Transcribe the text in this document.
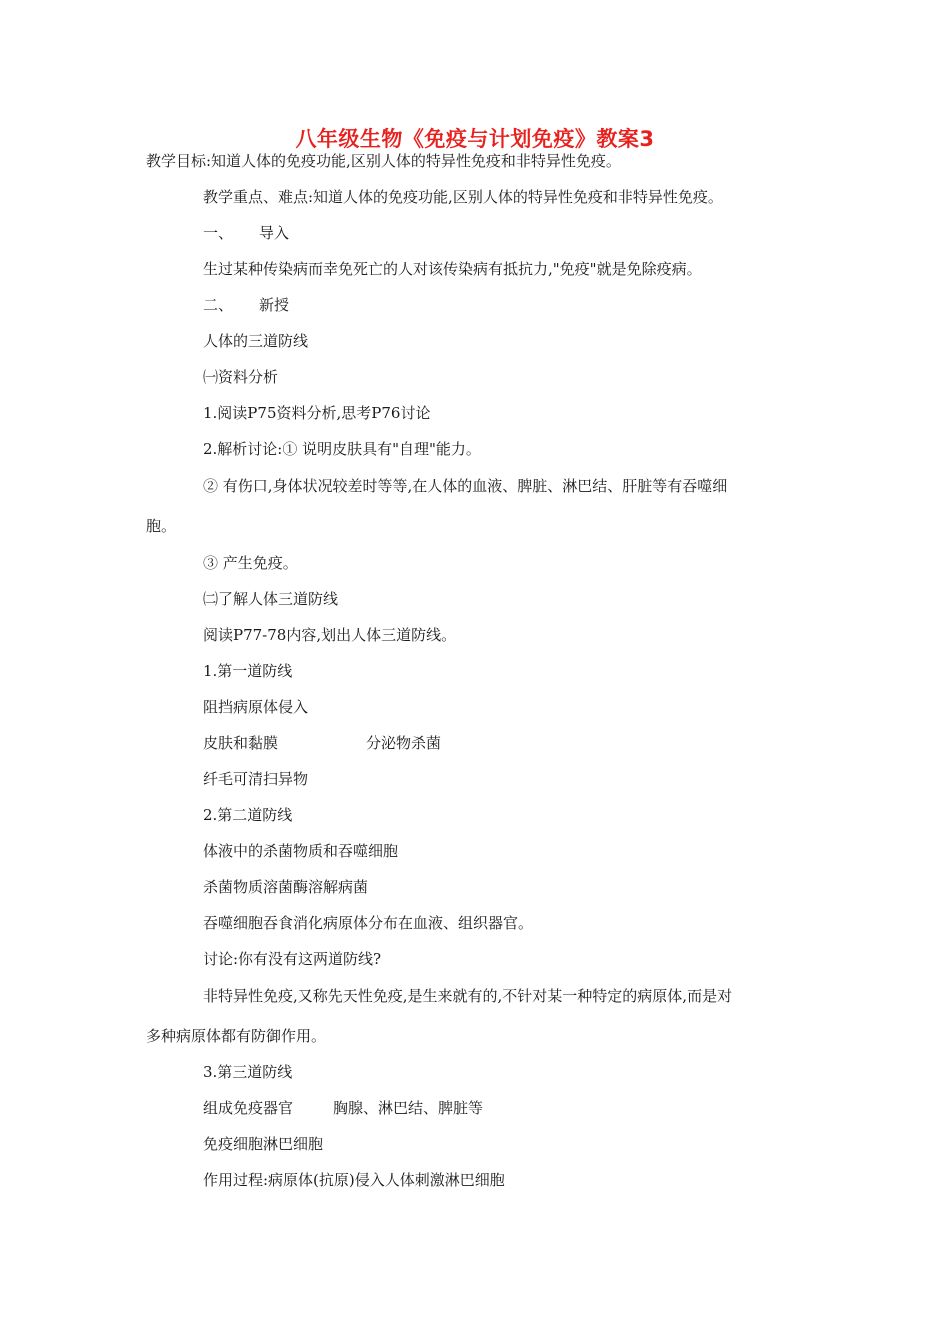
八年级生物《免疫与计划免疫》教案3
教学目标:知道人体的免疫功能,区别人体的特异性免疫和非特异性免疫。
教学重点、难点:知道人体的免疫功能,区别人体的特异性免疫和非特异性免疫。
一、 导入
生过某种传染病而幸免死亡的人对该传染病有抵抗力,"免疫"就是免除疫病。
二、 新授
人体的三道防线
㈠资料分析
1.阅读P75资料分析,思考P76讨论
2.解析讨论:① 说明皮肤具有"自理"能力。
② 有伤口,身体状况较差时等等,在人体的血液、脾脏、淋巴结、肝脏等有吞噬细
胞。
③ 产生免疫。
㈡了解人体三道防线
阅读P77-78内容,划出人体三道防线。
1.第一道防线
阻挡病原体侵入
皮肤和黏膜	分泌物杀菌
纤毛可清扫异物
2.第二道防线
体液中的杀菌物质和吞噬细胞
杀菌物质溶菌酶溶解病菌
吞噬细胞吞食消化病原体分布在血液、组织器官。
讨论:你有没有这两道防线?
非特异性免疫,又称先天性免疫,是生来就有的,不针对某一种特定的病原体,而是对
多种病原体都有防御作用。
3.第三道防线
组成免疫器官	胸腺、淋巴结、脾脏等
免疫细胞淋巴细胞
作用过程:病原体(抗原)侵入人体刺激淋巴细胞
